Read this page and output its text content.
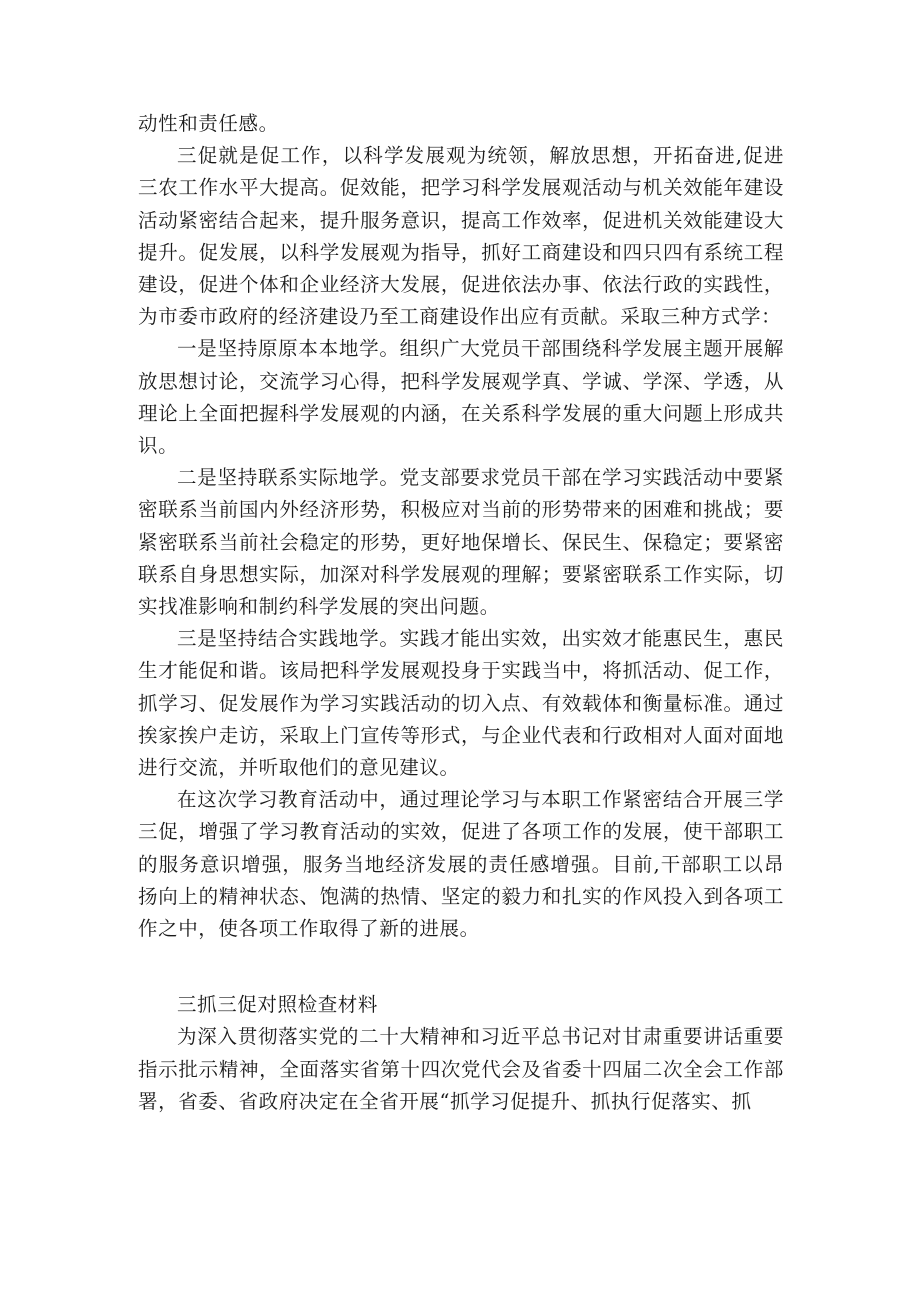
动性和责任感。

三促就是促工作，以科学发展观为统领，解放思想，开拓奋进,促进三农工作水平大提高。促效能，把学习科学发展观活动与机关效能年建设活动紧密结合起来，提升服务意识，提高工作效率，促进机关效能建设大提升。促发展，以科学发展观为指导，抓好工商建设和四只四有系统工程建设，促进个体和企业经济大发展，促进依法办事、依法行政的实践性，为市委市政府的经济建设乃至工商建设作出应有贡献。采取三种方式学：

一是坚持原原本本地学。组织广大党员干部围绕科学发展主题开展解放思想讨论，交流学习心得，把科学发展观学真、学诚、学深、学透，从理论上全面把握科学发展观的内涵，在关系科学发展的重大问题上形成共识。

二是坚持联系实际地学。党支部要求党员干部在学习实践活动中要紧密联系当前国内外经济形势，积极应对当前的形势带来的困难和挑战；要紧密联系当前社会稳定的形势，更好地保增长、保民生、保稳定；要紧密联系自身思想实际，加深对科学发展观的理解；要紧密联系工作实际，切实找准影响和制约科学发展的突出问题。

三是坚持结合实践地学。实践才能出实效，出实效才能惠民生，惠民生才能促和谐。该局把科学发展观投身于实践当中，将抓活动、促工作，抓学习、促发展作为学习实践活动的切入点、有效载体和衡量标准。通过挨家挨户走访，采取上门宣传等形式，与企业代表和行政相对人面对面地进行交流，并听取他们的意见建议。

在这次学习教育活动中，通过理论学习与本职工作紧密结合开展三学三促，增强了学习教育活动的实效，促进了各项工作的发展，使干部职工的服务意识增强，服务当地经济发展的责任感增强。目前,干部职工以昂扬向上的精神状态、饱满的热情、坚定的毅力和扎实的作风投入到各项工作之中，使各项工作取得了新的进展。

三抓三促对照检查材料

为深入贯彻落实党的二十大精神和习近平总书记对甘肃重要讲话重要指示批示精神，全面落实省第十四次党代会及省委十四届二次全会工作部署，省委、省政府决定在全省开展“抓学习促提升、抓执行促落实、抓
